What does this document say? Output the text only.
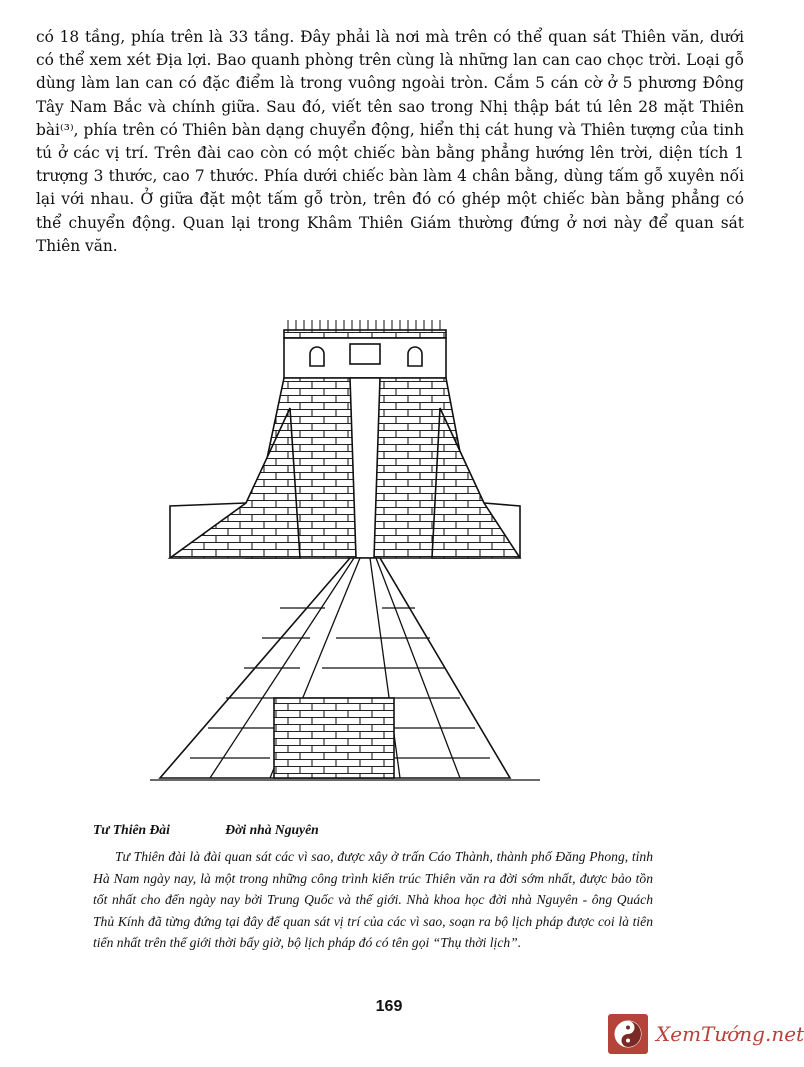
có 18 tầng, phía trên là 33 tầng. Đây phải là nơi mà trên có thể quan sát Thiên văn, dưới có thể xem xét Địa lợi. Bao quanh phòng trên cùng là những lan can cao chọc trời. Loại gỗ dùng làm lan can có đặc điểm là trong vuông ngoài tròn. Cắm 5 cán cờ ở 5 phương Đông Tây Nam Bắc và chính giữa. Sau đó, viết tên sao trong Nhị thập bát tú lên 28 mặt Thiên bài⁽³⁾, phía trên có Thiên bàn dạng chuyển động, hiển thị cát hung và Thiên tượng của tinh tú ở các vị trí. Trên đài cao còn có một chiếc bàn bằng phẳng hướng lên trời, diện tích 1 trượng 3 thước, cao 7 thước. Phía dưới chiếc bàn làm 4 chân bằng, dùng tấm gỗ xuyên nối lại với nhau. Ở giữa đặt một tấm gỗ tròn, trên đó có ghép một chiếc bàn bằng phẳng có thể chuyển động. Quan lại trong Khâm Thiên Giám thường đứng ở nơi này để quan sát Thiên văn.

Tư Thiên Đài	Đời nhà Nguyên
Tư Thiên đài là đài quan sát các vì sao, được xây ở trấn Cáo Thành, thành phố Đăng Phong, tỉnh Hà Nam ngày nay, là một trong những công trình kiến trúc Thiên văn ra đời sớm nhất, được bảo tồn tốt nhất cho đến ngày nay bởi Trung Quốc và thế giới. Nhà khoa học đời nhà Nguyên - ông Quách Thủ Kính đã từng đứng tại đây để quan sát vị trí của các vì sao, soạn ra bộ lịch pháp được coi là tiên tiến nhất trên thế giới thời bấy giờ, bộ lịch pháp đó có tên gọi “Thụ thời lịch”.
169
XemTướng.net
